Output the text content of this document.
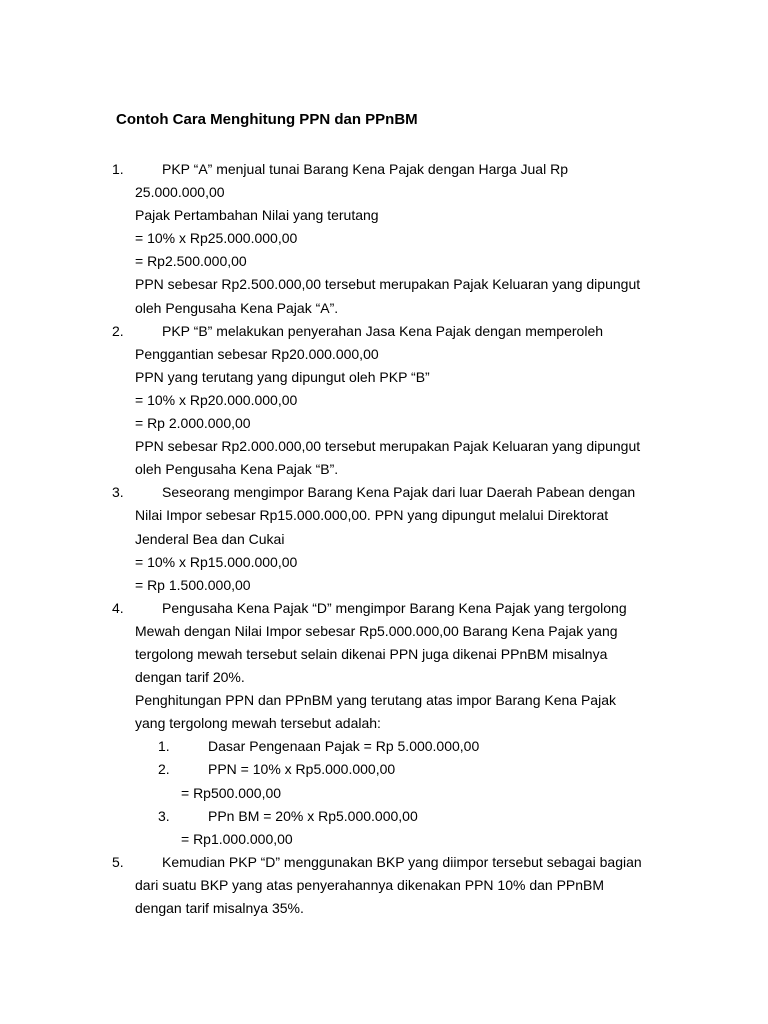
Contoh Cara Menghitung PPN dan PPnBM
1.	PKP “A” menjual tunai Barang Kena Pajak dengan Harga Jual Rp
25.000.000,00
Pajak Pertambahan Nilai yang terutang
= 10% x Rp25.000.000,00
= Rp2.500.000,00
PPN sebesar Rp2.500.000,00 tersebut merupakan Pajak Keluaran yang dipungut
oleh Pengusaha Kena Pajak “A”.
2.	PKP “B” melakukan penyerahan Jasa Kena Pajak dengan memperoleh
Penggantian sebesar Rp20.000.000,00
PPN yang terutang yang dipungut oleh PKP “B”
= 10% x Rp20.000.000,00
= Rp 2.000.000,00
PPN sebesar Rp2.000.000,00 tersebut merupakan Pajak Keluaran yang dipungut
oleh Pengusaha Kena Pajak “B”.
3.	Seseorang mengimpor Barang Kena Pajak dari luar Daerah Pabean dengan
Nilai Impor sebesar Rp15.000.000,00. PPN yang dipungut melalui Direktorat
Jenderal Bea dan Cukai
= 10% x Rp15.000.000,00
= Rp 1.500.000,00
4.	Pengusaha Kena Pajak “D” mengimpor Barang Kena Pajak yang tergolong
Mewah dengan Nilai Impor sebesar Rp5.000.000,00 Barang Kena Pajak yang
tergolong mewah tersebut selain dikenai PPN juga dikenai PPnBM misalnya
dengan tarif 20%.
Penghitungan PPN dan PPnBM yang terutang atas impor Barang Kena Pajak
yang tergolong mewah tersebut adalah:
1.	Dasar Pengenaan Pajak = Rp 5.000.000,00
2.	PPN = 10% x Rp5.000.000,00
= Rp500.000,00
3.	PPn BM = 20% x Rp5.000.000,00
= Rp1.000.000,00
5.	Kemudian PKP “D” menggunakan BKP yang diimpor tersebut sebagai bagian
dari suatu BKP yang atas penyerahannya dikenakan PPN 10% dan PPnBM
dengan tarif misalnya 35%.
